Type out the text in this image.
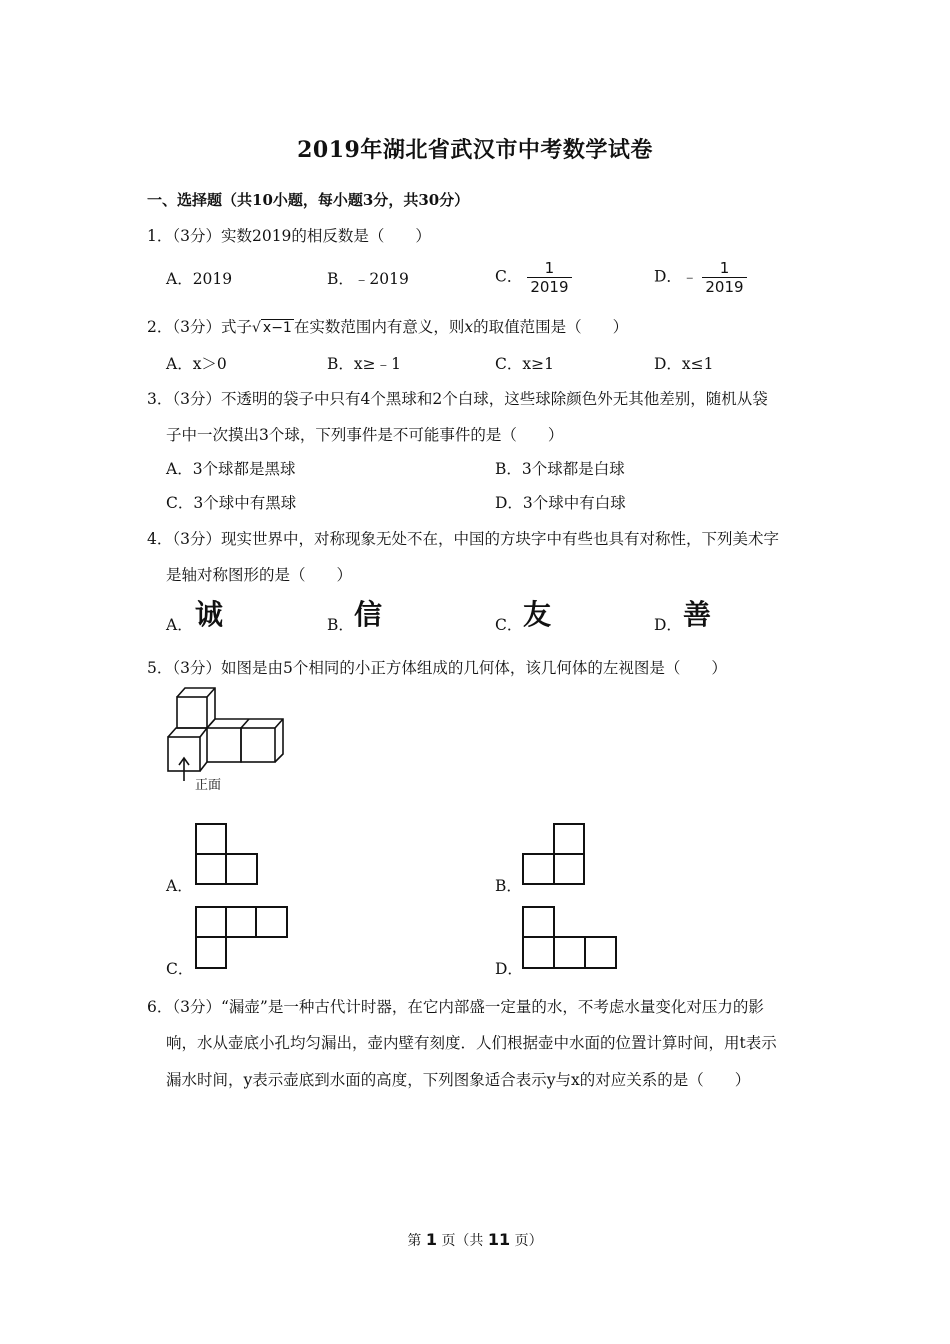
2019年湖北省武汉市中考数学试卷
一、选择题（共10小题，每小题3分，共30分）
1．（3分）实数2019的相反数是（　　）
A．2019	B．﹣2019	C． $\frac{1}{2019}$	D．﹣ $\frac{1}{2019}$
2．（3分）式子√ x−1 在实数范围内有意义，则x的取值范围是（　　）
A．x＞0	B．x≥﹣1	C．x≥1	D．x≤1
3．（3分）不透明的袋子中只有4个黑球和2个白球，这些球除颜色外无其他差别，随机从袋
子中一次摸出3个球，下列事件是不可能事件的是（　　）
A．3个球都是黑球	B．3个球都是白球
C．3个球中有黑球	D．3个球中有白球
4．（3分）现实世界中，对称现象无处不在，中国的方块字中有些也具有对称性，下列美术字
是轴对称图形的是（　　）
A． 诚	B． 信	C． 友	D． 善
5．（3分）如图是由5个相同的小正方体组成的几何体，该几何体的左视图是（　　）
正面
A．	B．
C．	D．
6．（3分）“漏壶”是一种古代计时器，在它内部盛一定量的水，不考虑水量变化对压力的影
响，水从壶底小孔均匀漏出，壶内壁有刻度．人们根据壶中水面的位置计算时间，用t表示
漏水时间，y表示壶底到水面的高度，下列图象适合表示y与x的对应关系的是（　　）
第 1 页（共 11 页）
